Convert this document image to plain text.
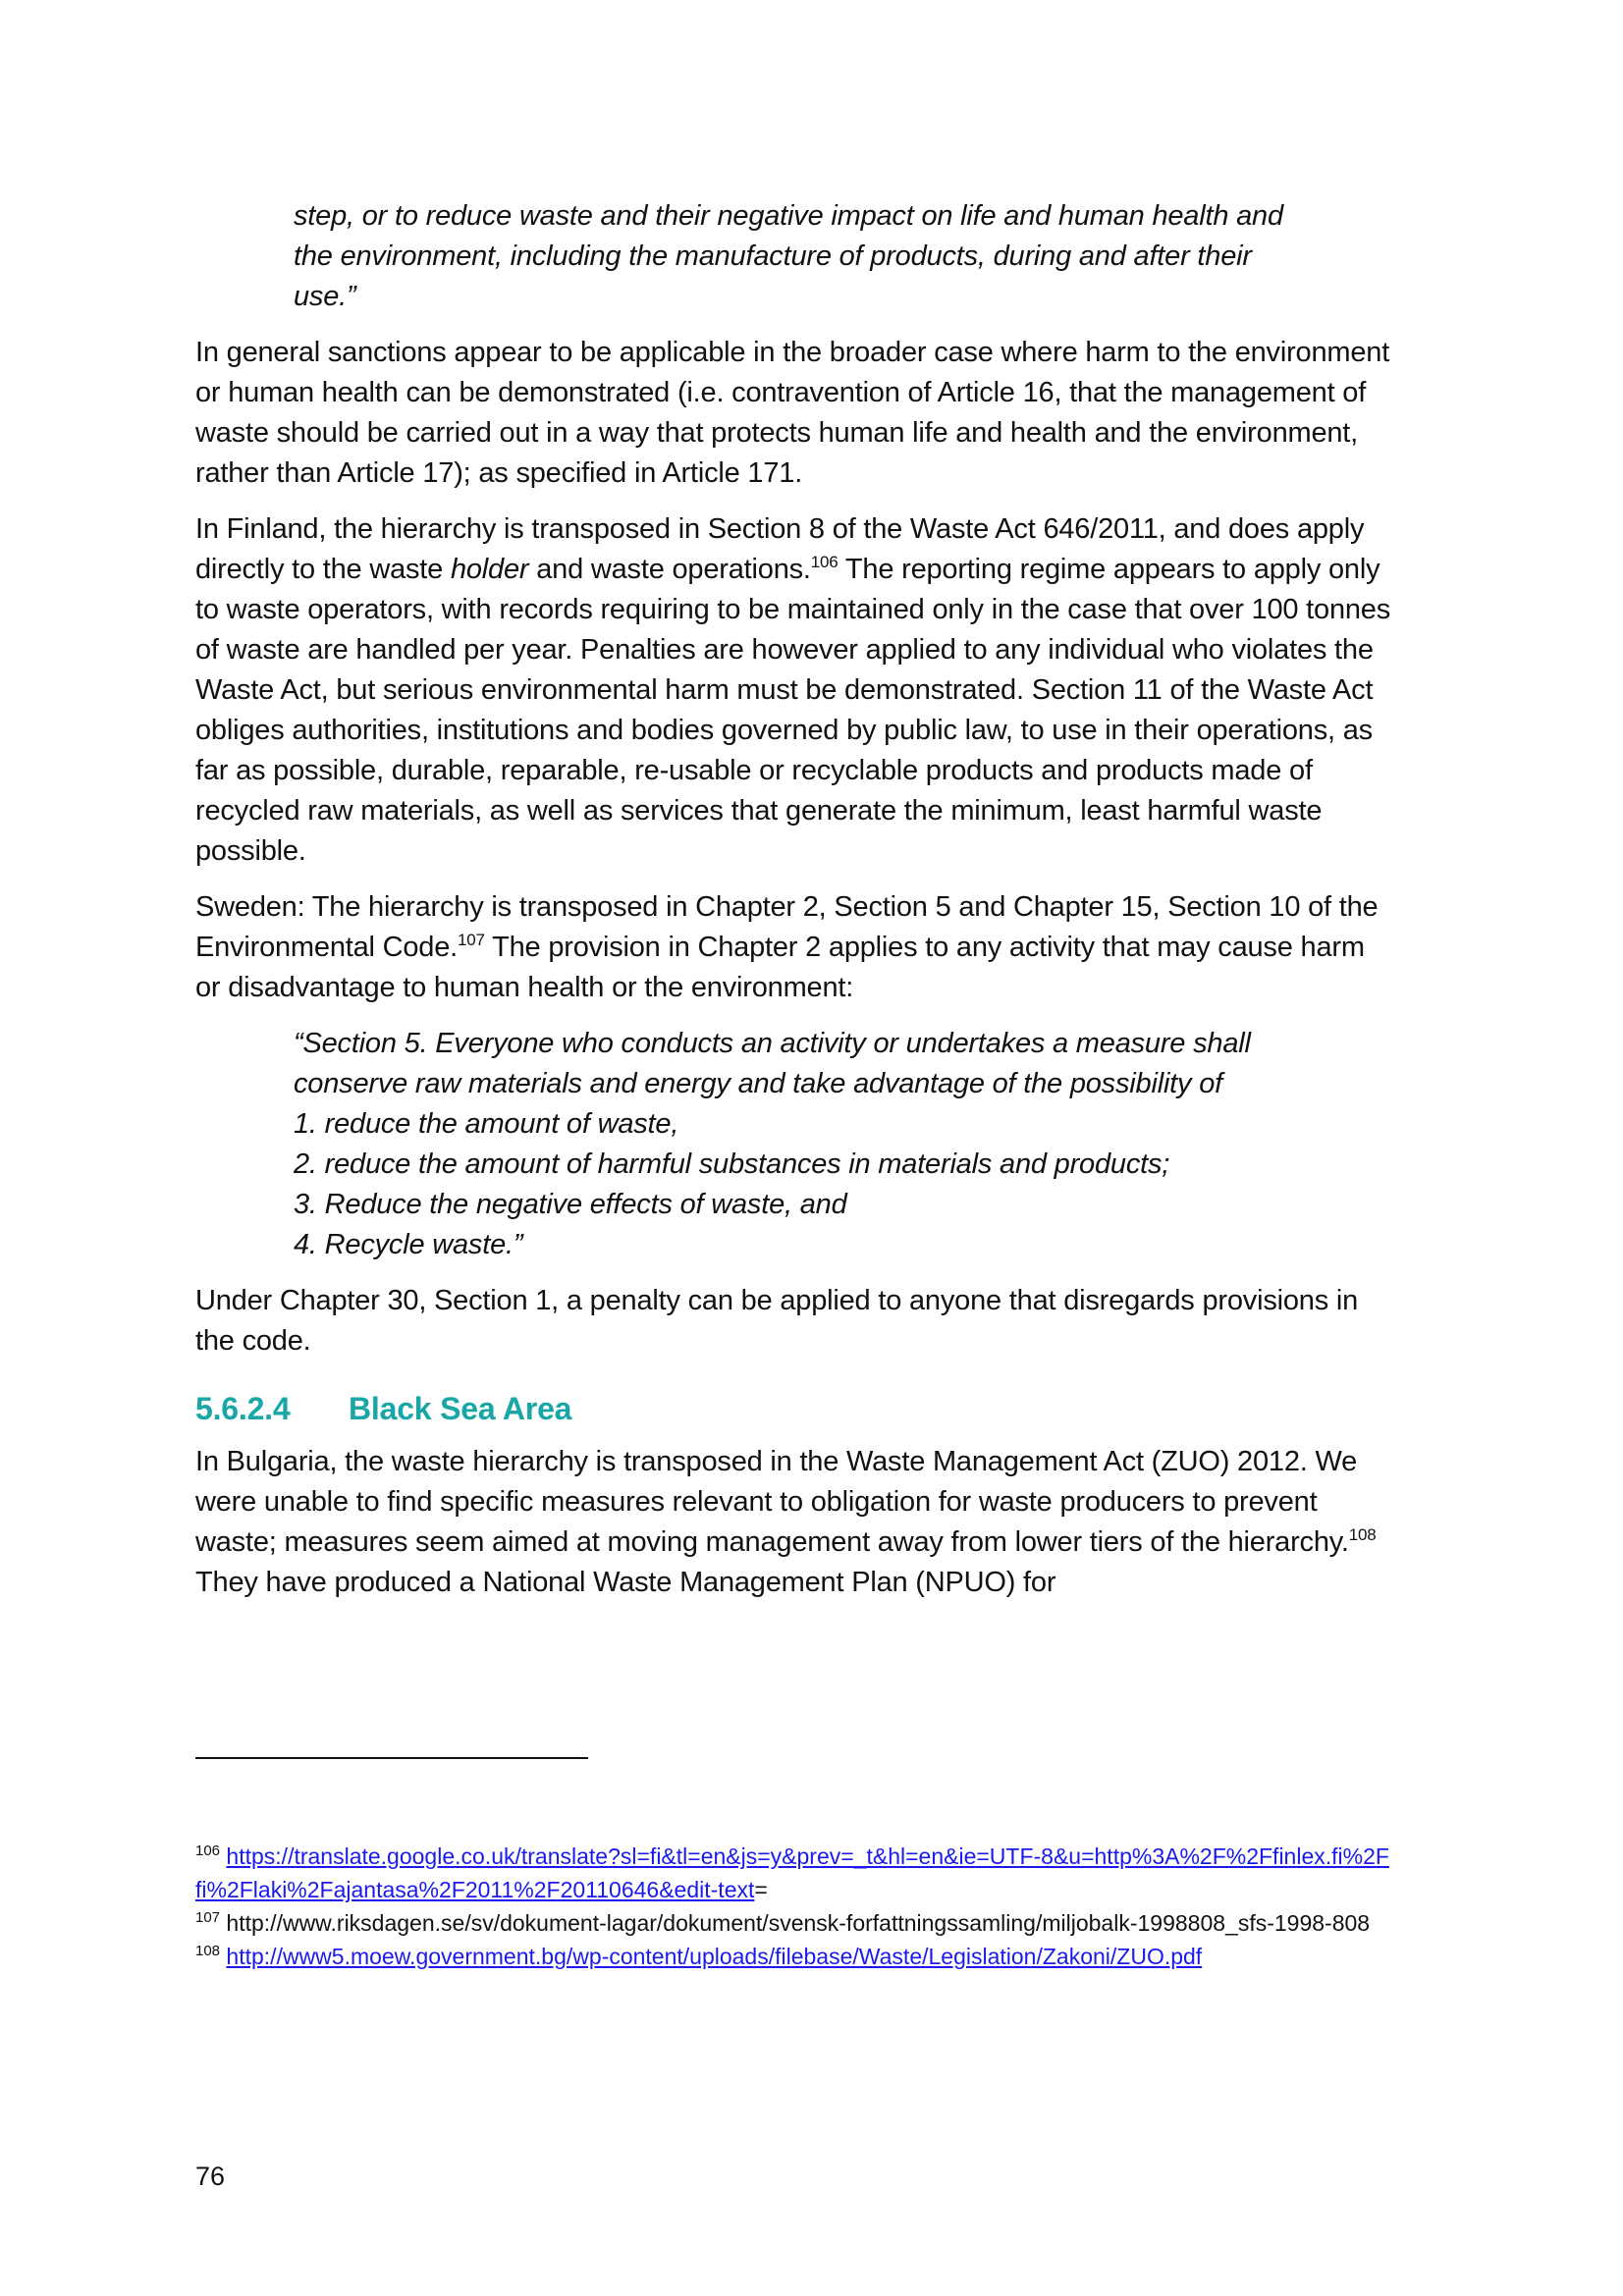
step, or to reduce waste and their negative impact on life and human health and

the environment, including the manufacture of products, during and after their

use.”

In general sanctions appear to be applicable in the broader case where harm to the environment or human health can be demonstrated (i.e. contravention of Article 16, that the management of waste should be carried out in a way that protects human life and health and the environment, rather than Article 17); as specified in Article 171.

In Finland, the hierarchy is transposed in Section 8 of the Waste Act 646/2011, and does apply directly to the waste holder and waste operations.$^{106}$ The reporting regime appears to apply only to waste operators, with records requiring to be maintained only in the case that over 100 tonnes of waste are handled per year. Penalties are however applied to any individual who violates the Waste Act, but serious environmental harm must be demonstrated. Section 11 of the Waste Act obliges authorities, institutions and bodies governed by public law, to use in their operations, as far as possible, durable, reparable, re-usable or recyclable products and products made of recycled raw materials, as well as services that generate the minimum, least harmful waste possible.

Sweden: The hierarchy is transposed in Chapter 2, Section 5 and Chapter 15, Section 10 of the Environmental Code.$^{107}$ The provision in Chapter 2 applies to any activity that may cause harm or disadvantage to human health or the environment:

“Section 5. Everyone who conducts an activity or undertakes a measure shall

conserve raw materials and energy and take advantage of the possibility of

1. reduce the amount of waste,

2. reduce the amount of harmful substances in materials and products;

3. Reduce the negative effects of waste, and

4. Recycle waste.”

Under Chapter 30, Section 1, a penalty can be applied to anyone that disregards provisions in the code.

5.6.2.4 Black Sea Area

In Bulgaria, the waste hierarchy is transposed in the Waste Management Act (ZUO) 2012. We were unable to find specific measures relevant to obligation for waste producers to prevent waste; measures seem aimed at moving management away from lower tiers of the hierarchy.$^{108}$ They have produced a National Waste Management Plan (NPUO) for

$^{106}$ https://translate.google.co.uk/translate?sl=fi&tl=en&js=y&prev=_t&hl=en&ie=UTF-8&u=http%3A%2F%2Ffinlex.fi%2Ffi%2Flaki%2Fajantasa%2F2011%2F20110646&edit-text=

$^{107}$ http://www.riksdagen.se/sv/dokument-lagar/dokument/svensk-forfattningssamling/miljobalk-1998808_sfs-1998-808

$^{108}$ http://www5.moew.government.bg/wp-content/uploads/filebase/Waste/Legislation/Zakoni/ZUO.pdf

76
